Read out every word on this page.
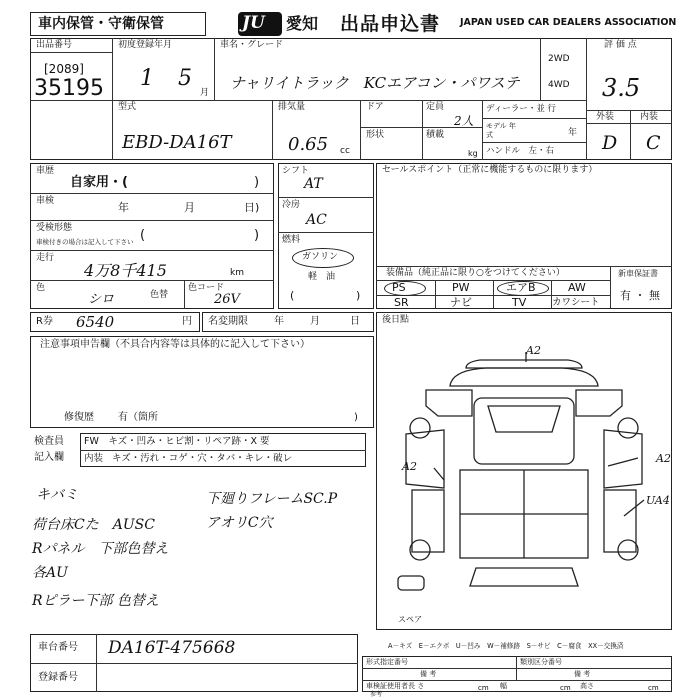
車内保管・守衛保管	JU 愛知 出品申込書 JAPAN USED CAR DEALERS ASSOCIATION
出品番号
[2089]
35195
初度登録年月
1 5
月
車名・グレード
ナャリイトラック　KCエアコン・パワステ
2WD
4WD
評 価 点
3.5
外装	内装
D C
型式
EBD-DA16T
排気量
0.65 cc
ドア
形状
定員
2人
積載
kg
ディーラー・並 行
モデル 年式	年
ハンドル　左・右
車歴
自家用・(	)
車検	年	月	日)
受検形態
車検付きの場合は記入して下さい (	)
走行
4万8千415	km
色
シロ	色替
色コード
26V
シフト
AT
冷房
AC
燃料
ガソリン
軽　油
(	)
セールスポイント（正常に機能するものに限ります）
装備品（純正品に限り○をつけてください）
PS	PW	エアB	AW
SR	ナビ	TV	カワシート
新車保証書
有 ・ 無
R券 6540	円 名変期限	年	月	日
注意事項申告欄（不具合内容等は具体的に記入して下さい）
修復歴 有（箇所	)
検査員
記入欄
FW　キズ・凹み・ヒビ割・リペア跡・X 要
内装 キズ・汚れ・コゲ・穴・タバ・キレ・破レ
キバミ
荷台床Cた　AUSC
Rパネル　下部色替え
各AU
Rピラー下部 色替え
下廻りフレームSC.P
アオリC穴
後日點
A2
A2
A2
UA4
スペア
A－キズ　E－エクボ　U－凹み　W－補修跡　S－サビ　C－腐食　XX－交換済
車台番号 DA16T-475668
登録番号
形式指定番号
備 考
類別区分番号
備 考
車検証使用者 長 さ	cm 幅	cm 高さ	cm
参考
